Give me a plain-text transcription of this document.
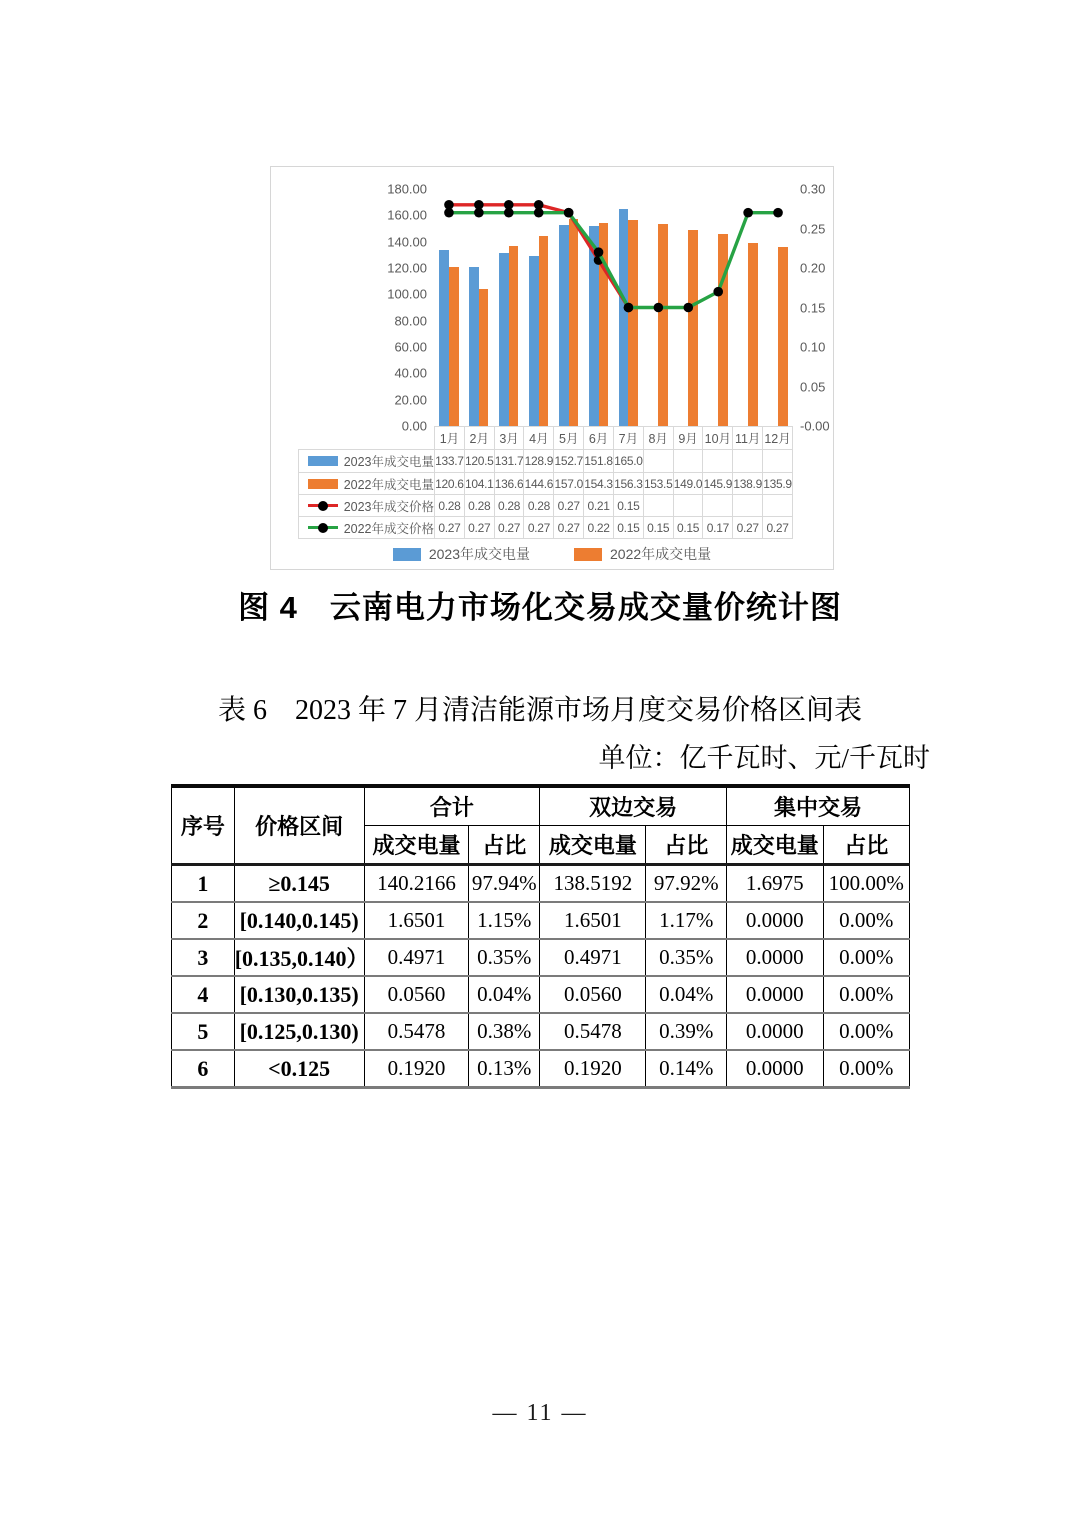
180.00
160.00
140.00
120.00
100.00
80.00
60.00
40.00
20.00
0.00
0.30
0.25
0.20
0.15
0.10
0.05
-0.00
1月 2月 3月 4月 5月 6月 7月 8月 9月 10月 11月 12月
2023年成交电量 133.7 120.5 131.7 128.9 152.7 151.8 165.0
2022年成交电量 120.6 104.1 136.6 144.6 157.0 154.3 156.3 153.5 149.0 145.9 138.9 135.9
2023年成交价格 0.28 0.28 0.28 0.28 0.27 0.21 0.15
2022年成交价格 0.27 0.27 0.27 0.27 0.27 0.22 0.15 0.15 0.15 0.17 0.27 0.27
2023年成交电量	2022年成交电量
图 4　云南电力市场化交易成交量价统计图
表 6　2023 年 7 月清洁能源市场月度交易价格区间表
单位：亿千瓦时、元/千瓦时
序号	价格区间	合计		双边交易		集中交易	
		成交电量	占比	成交电量	占比	成交电量	占比
1	≥0.145	140.2166	97.94%	138.5192	97.92%	1.6975	100.00%
2	[0.140,0.145)	1.6501	1.15%	1.6501	1.17%	0.0000	0.00%
3	[0.135,0.140）	0.4971	0.35%	0.4971	0.35%	0.0000	0.00%
4	[0.130,0.135)	0.0560	0.04%	0.0560	0.04%	0.0000	0.00%
5	[0.125,0.130)	0.5478	0.38%	0.5478	0.39%	0.0000	0.00%
6	<0.125	0.1920	0.13%	0.1920	0.14%	0.0000	0.00%
— 11 —
